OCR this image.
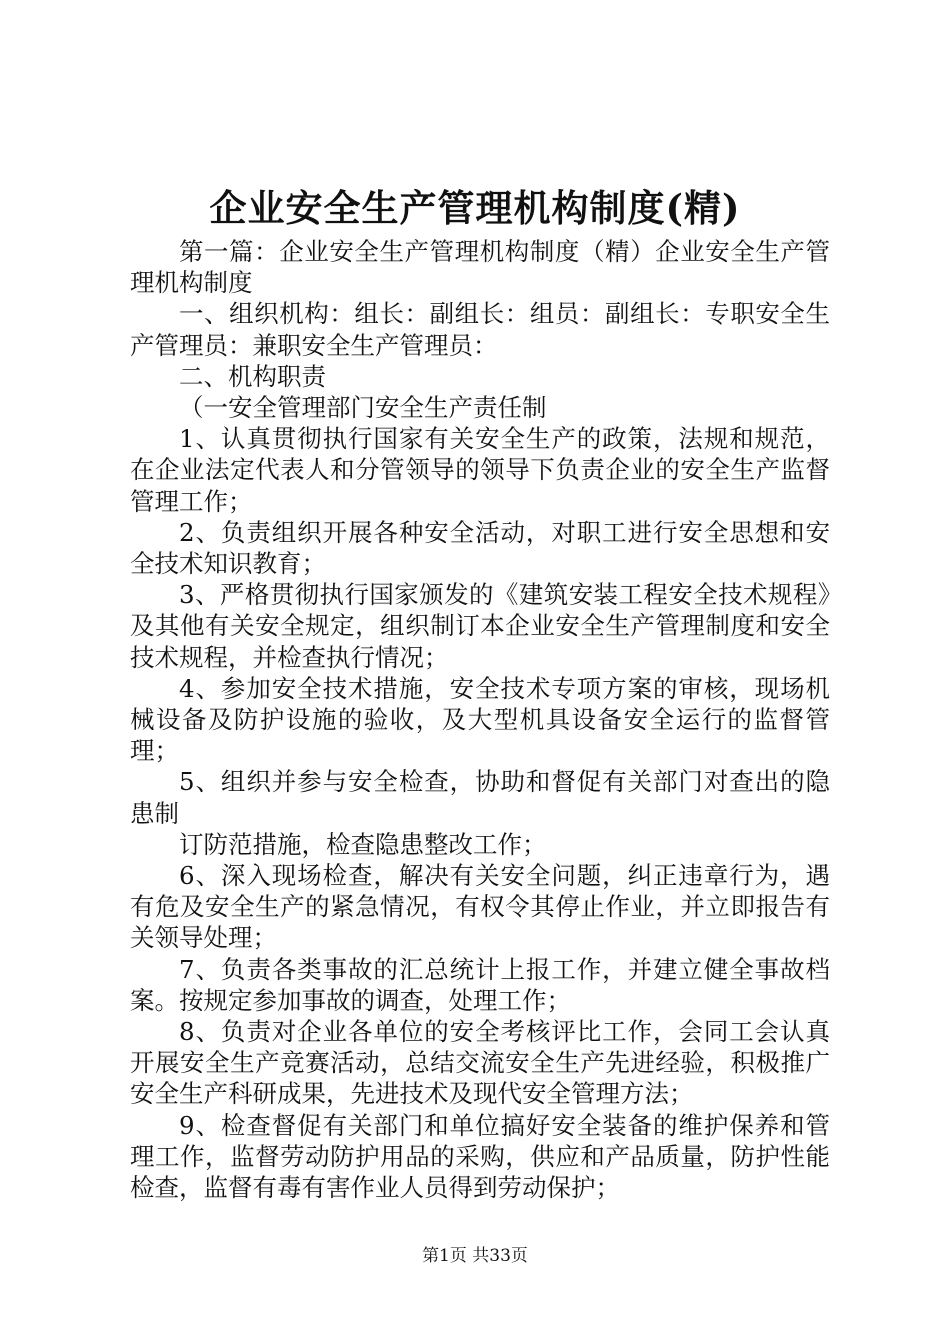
企业安全生产管理机构制度(精)

第一篇：企业安全生产管理机构制度（精）企业安全生产管理机构制度

一、组织机构：组长：副组长：组员：副组长：专职安全生产管理员：兼职安全生产管理员：

二、机构职责

（一安全管理部门安全生产责任制

1、认真贯彻执行国家有关安全生产的政策，法规和规范，在企业法定代表人和分管领导的领导下负责企业的安全生产监督管理工作；

2、负责组织开展各种安全活动，对职工进行安全思想和安全技术知识教育；

3、严格贯彻执行国家颁发的《建筑安装工程安全技术规程》及其他有关安全规定，组织制订本企业安全生产管理制度和安全技术规程，并检查执行情况；

4、参加安全技术措施，安全技术专项方案的审核，现场机械设备及防护设施的验收，及大型机具设备安全运行的监督管理；

5、组织并参与安全检查，协助和督促有关部门对查出的隐患制

订防范措施，检查隐患整改工作；

6、深入现场检查，解决有关安全问题，纠正违章行为，遇有危及安全生产的紧急情况，有权令其停止作业，并立即报告有关领导处理；

7、负责各类事故的汇总统计上报工作，并建立健全事故档案。按规定参加事故的调查，处理工作；

8、负责对企业各单位的安全考核评比工作，会同工会认真开展安全生产竞赛活动，总结交流安全生产先进经验，积极推广安全生产科研成果，先进技术及现代安全管理方法；

9、检查督促有关部门和单位搞好安全装备的维护保养和管理工作，监督劳动防护用品的采购，供应和产品质量，防护性能检查，监督有毒有害作业人员得到劳动保护；

第1页 共33页
